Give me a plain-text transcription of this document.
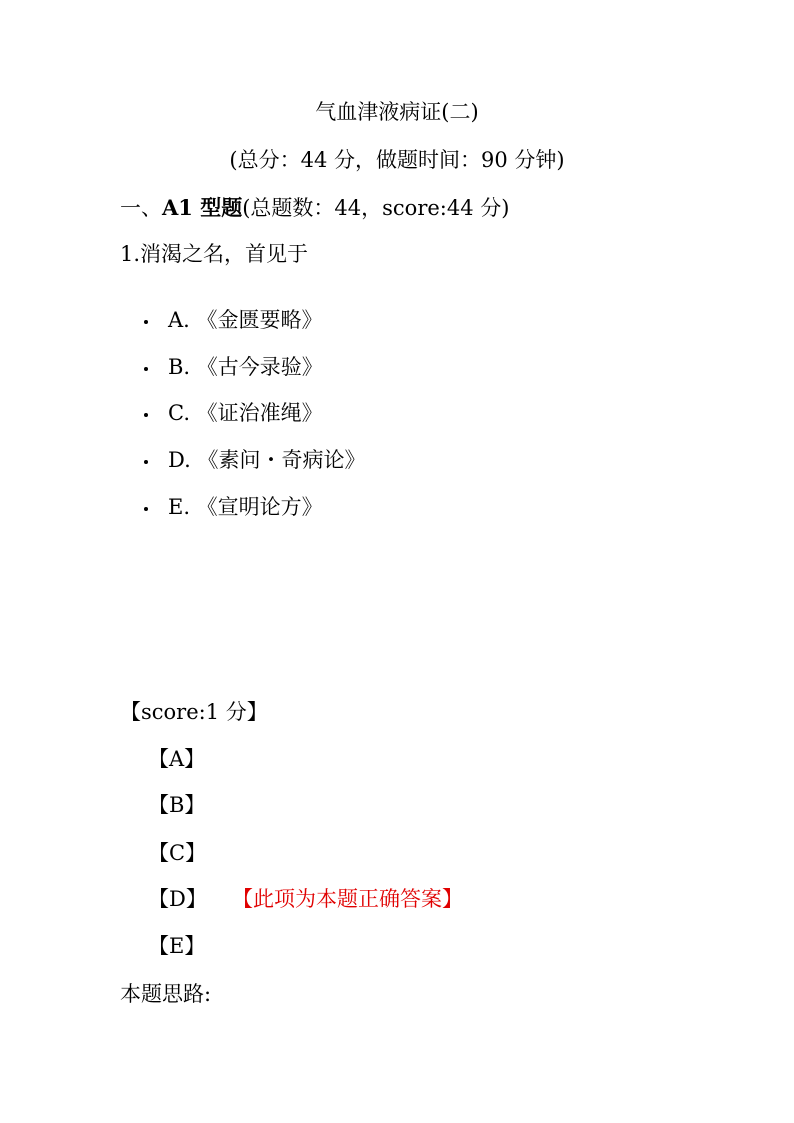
气血津液病证(二)
(总分：44 分，做题时间：90 分钟)
一、A1 型题(总题数：44，score:44 分)
1.消渴之名，首见于
A. 《金匮要略》
B. 《古今录验》
C. 《证治准绳》
D. 《素问・奇病论》
E. 《宣明论方》
【score:1 分】
【A】
【B】
【C】
【D】 【此项为本题正确答案】
【E】
本题思路:
